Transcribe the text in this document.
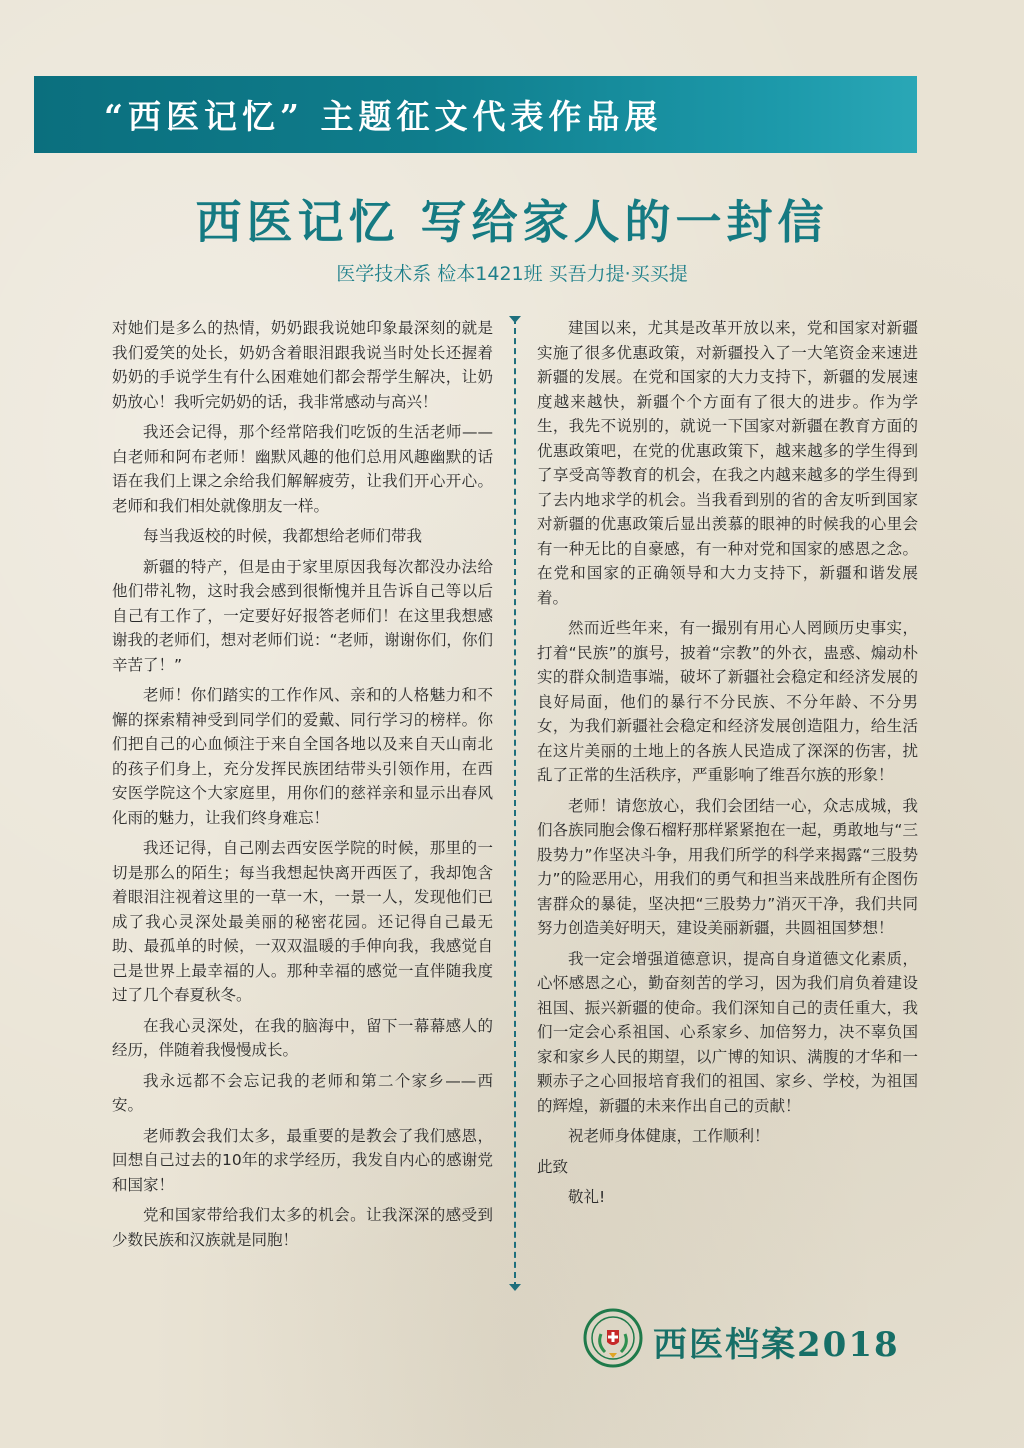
“西医记忆” 主题征文代表作品展
西医记忆 写给家人的一封信
医学技术系 检本1421班 买吾力提·买买提

对她们是多么的热情，奶奶跟我说她印象最深刻的就是我们爱笑的处长，奶奶含着眼泪跟我说当时处长还握着奶奶的手说学生有什么困难她们都会帮学生解决，让奶奶放心！我听完奶奶的话，我非常感动与高兴！

我还会记得，那个经常陪我们吃饭的生活老师——白老师和阿布老师！幽默风趣的他们总用风趣幽默的话语在我们上课之余给我们解解疲劳，让我们开心开心。老师和我们相处就像朋友一样。

每当我返校的时候，我都想给老师们带我

新疆的特产，但是由于家里原因我每次都没办法给他们带礼物，这时我会感到很惭愧并且告诉自己等以后自己有工作了，一定要好好报答老师们！在这里我想感谢我的老师们，想对老师们说：“老师，谢谢你们，你们辛苦了！”

老师！你们踏实的工作作风、亲和的人格魅力和不懈的探索精神受到同学们的爱戴、同行学习的榜样。你们把自己的心血倾注于来自全国各地以及来自天山南北的孩子们身上，充分发挥民族团结带头引领作用，在西安医学院这个大家庭里，用你们的慈祥亲和显示出春风化雨的魅力，让我们终身难忘！

我还记得，自己刚去西安医学院的时候，那里的一切是那么的陌生；每当我想起快离开西医了，我却饱含着眼泪注视着这里的一草一木，一景一人，发现他们已成了我心灵深处最美丽的秘密花园。还记得自己最无助、最孤单的时候，一双双温暖的手伸向我，我感觉自己是世界上最幸福的人。那种幸福的感觉一直伴随我度过了几个春夏秋冬。

在我心灵深处，在我的脑海中，留下一幕幕感人的经历，伴随着我慢慢成长。

我永远都不会忘记我的老师和第二个家乡——西安。

老师教会我们太多，最重要的是教会了我们感恩，回想自己过去的10年的求学经历，我发自内心的感谢党和国家！

党和国家带给我们太多的机会。让我深深的感受到少数民族和汉族就是同胞！

建国以来，尤其是改革开放以来，党和国家对新疆实施了很多优惠政策，对新疆投入了一大笔资金来速进新疆的发展。在党和国家的大力支持下，新疆的发展速度越来越快，新疆个个方面有了很大的进步。作为学生，我先不说别的，就说一下国家对新疆在教育方面的优惠政策吧，在党的优惠政策下，越来越多的学生得到了享受高等教育的机会，在我之内越来越多的学生得到了去内地求学的机会。当我看到别的省的舍友听到国家对新疆的优惠政策后显出羡慕的眼神的时候我的心里会有一种无比的自豪感，有一种对党和国家的感恩之念。在党和国家的正确领导和大力支持下，新疆和谐发展着。

然而近些年来，有一撮别有用心人罔顾历史事实，打着“民族”的旗号，披着“宗教”的外衣，蛊惑、煽动朴实的群众制造事端，破坏了新疆社会稳定和经济发展的良好局面，他们的暴行不分民族、不分年龄、不分男女，为我们新疆社会稳定和经济发展创造阻力，给生活在这片美丽的土地上的各族人民造成了深深的伤害，扰乱了正常的生活秩序，严重影响了维吾尔族的形象！

老师！请您放心，我们会团结一心，众志成城，我们各族同胞会像石榴籽那样紧紧抱在一起，勇敢地与“三股势力”作坚决斗争，用我们所学的科学来揭露“三股势力”的险恶用心，用我们的勇气和担当来战胜所有企图伤害群众的暴徒，坚决把“三股势力”消灭干净，我们共同努力创造美好明天，建设美丽新疆，共圆祖国梦想！

我一定会增强道德意识，提高自身道德文化素质，心怀感恩之心，勤奋刻苦的学习，因为我们肩负着建设祖国、振兴新疆的使命。我们深知自己的责任重大，我们一定会心系祖国、心系家乡、加倍努力，决不辜负国家和家乡人民的期望，以广博的知识、满腹的才华和一颗赤子之心回报培育我们的祖国、家乡、学校，为祖国的辉煌，新疆的未来作出自己的贡献！

祝老师身体健康，工作顺利！

此致

敬礼!

西医档案2018
